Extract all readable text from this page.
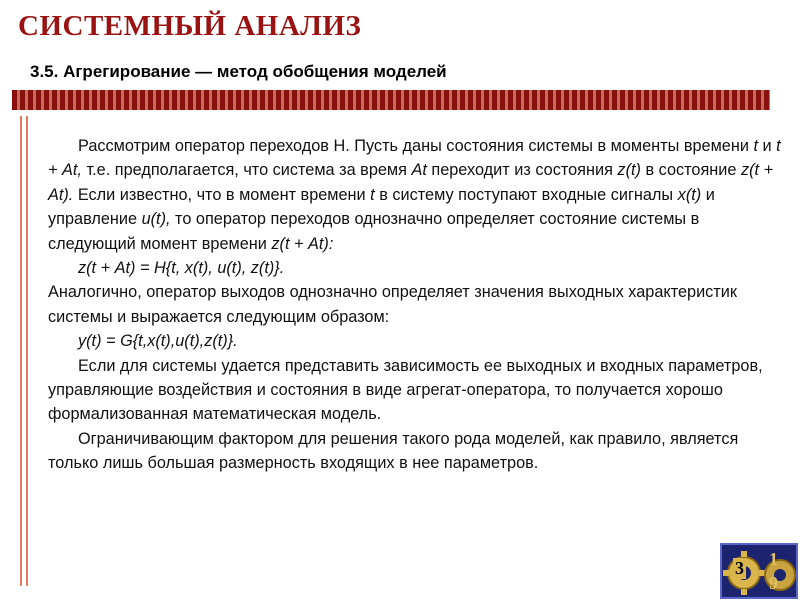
СИСТЕМНЫЙ АНАЛИЗ
3.5. Агрегирование — метод обобщения моделей

Рассмотрим оператор переходов H. Пусть даны состояния системы в моменты времени t и t + Аt, т.е. предполагается, что система за время Аt переходит из состояния z(t) в состояние z(t + Аt). Если известно, что в момент времени t в систему поступают входные сигналы х(t) и управление u(t), то оператор переходов однозначно определяет состояние системы в следующий момент времени z(t + Аt):

z(t + Аt) = H{t, x(t), u(t), z(t)}.

Аналогично, оператор выходов однозначно определяет значения выходных характеристик системы и выражается следующим образом:

y(t) = G{t,x(t),u(t),z(t)}.

Если для системы удается представить зависимость ее выходных и входных параметров, управляющие воздействия и состояния в виде агрегат-оператора, то получается хорошо формализованная математическая модель.

Ограничивающим фактором для решения такого рода моделей, как правило, является только лишь большая размерность входящих в нее параметров.

3 1
9
